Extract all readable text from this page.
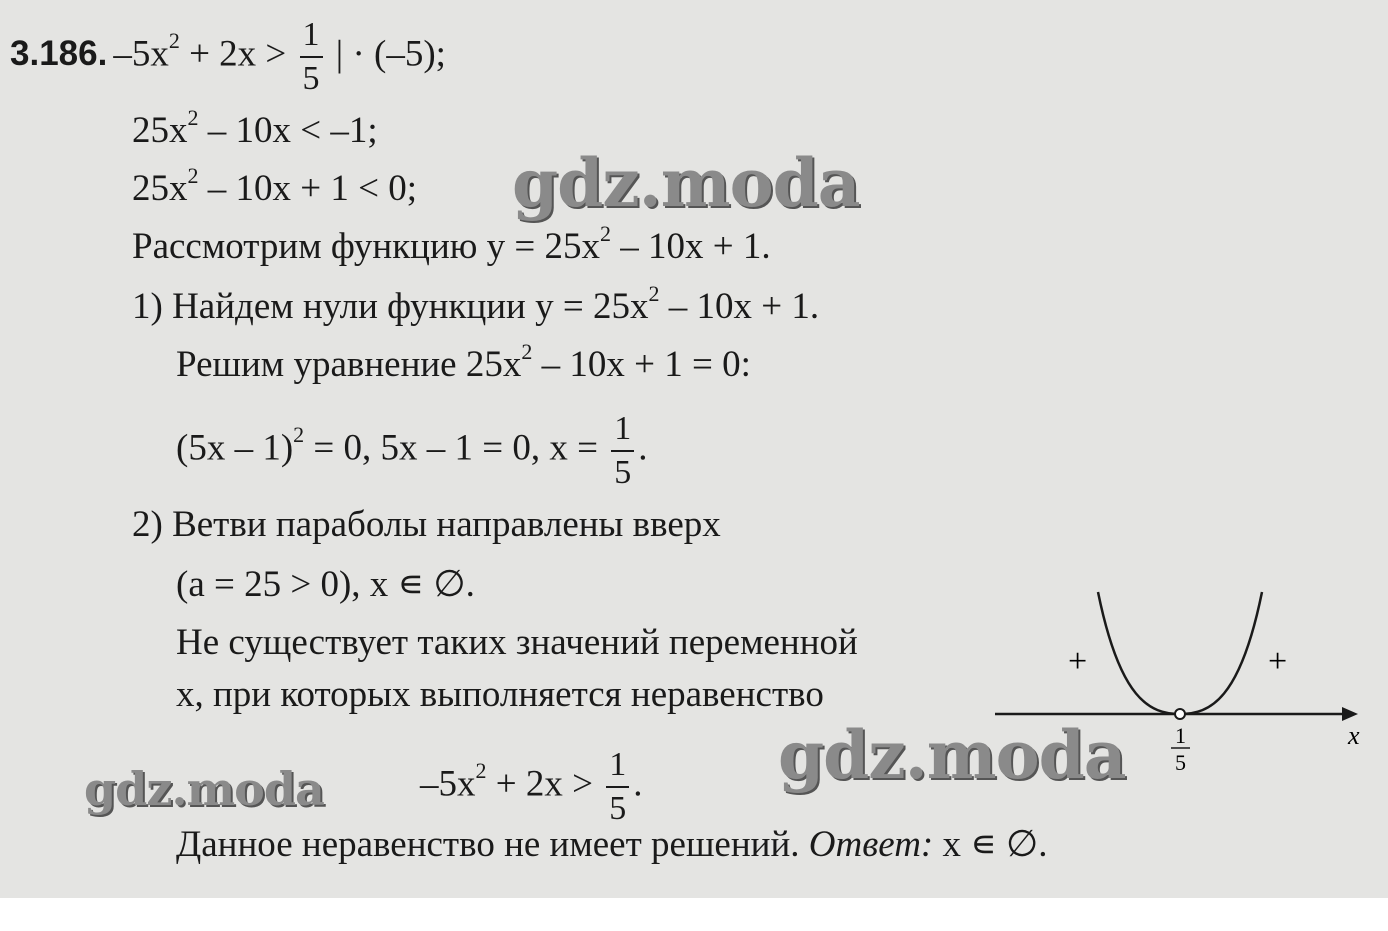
3.186. $-5x^2 + 2x > \frac{1}{5}$ | · (–5);
$25x^2 - 10x < -1$;
$25x^2 - 10x + 1 < 0$;
Рассмотрим функцию $y = 25x^2 - 10x + 1$.
1) Найдем нули функции $y = 25x^2 - 10x + 1$.
Решим уравнение $25x^2 - 10x + 1 = 0$:
(5x – 1)$^2$ = 0, 5x – 1 = 0, $x = \frac{1}{5}$ .
2) Ветви параболы направлены вверх
(a = 25 > 0), x ∊ ∅.
Не существует таких значений переменной
x, при которых выполняется неравенство
$-5x^2 + 2x > \frac{1}{5}$ .
Данное неравенство не имеет решений. Ответ: x ∊ ∅.
+	+
x
1
5
gdz.moda
gdz.moda
gdz.moda
